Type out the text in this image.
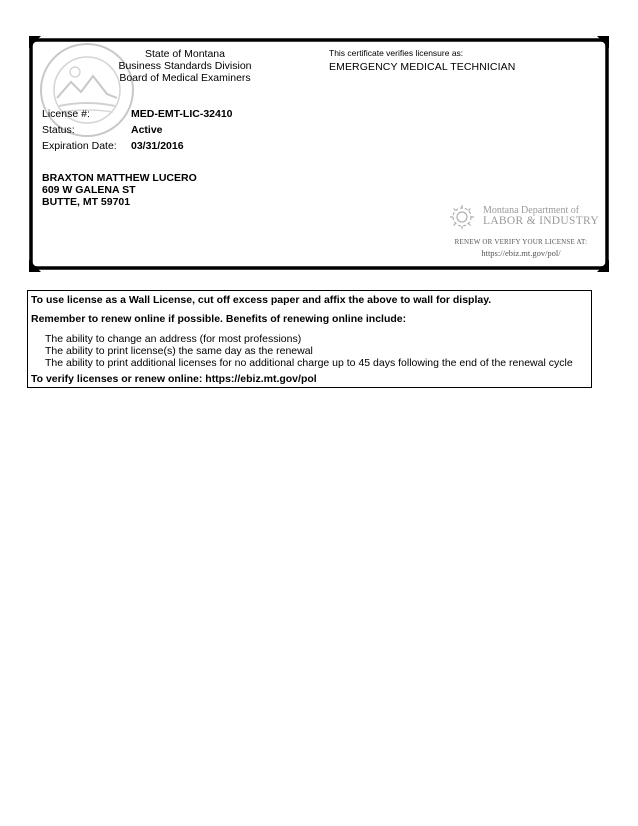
State of Montana
Business Standards Division
Board of Medical Examiners
This certificate verifies licensure as:
EMERGENCY MEDICAL TECHNICIAN
License #:	MED-EMT-LIC-32410
Status:	Active
Expiration Date: 03/31/2016
BRAXTON MATTHEW LUCERO
609 W GALENA ST
BUTTE, MT 59701
Montana Department of
LABOR & INDUSTRY
RENEW OR VERIFY YOUR LICENSE AT:
https://ebiz.mt.gov/pol/
To use license as a Wall License, cut off excess paper and affix the above to wall for display.
Remember to renew online if possible. Benefits of renewing online include:
The ability to change an address (for most professions)
The ability to print license(s) the same day as the renewal
The ability to print additional licenses for no additional charge up to 45 days following the end of the renewal cycle
To verify licenses or renew online: https://ebiz.mt.gov/pol
